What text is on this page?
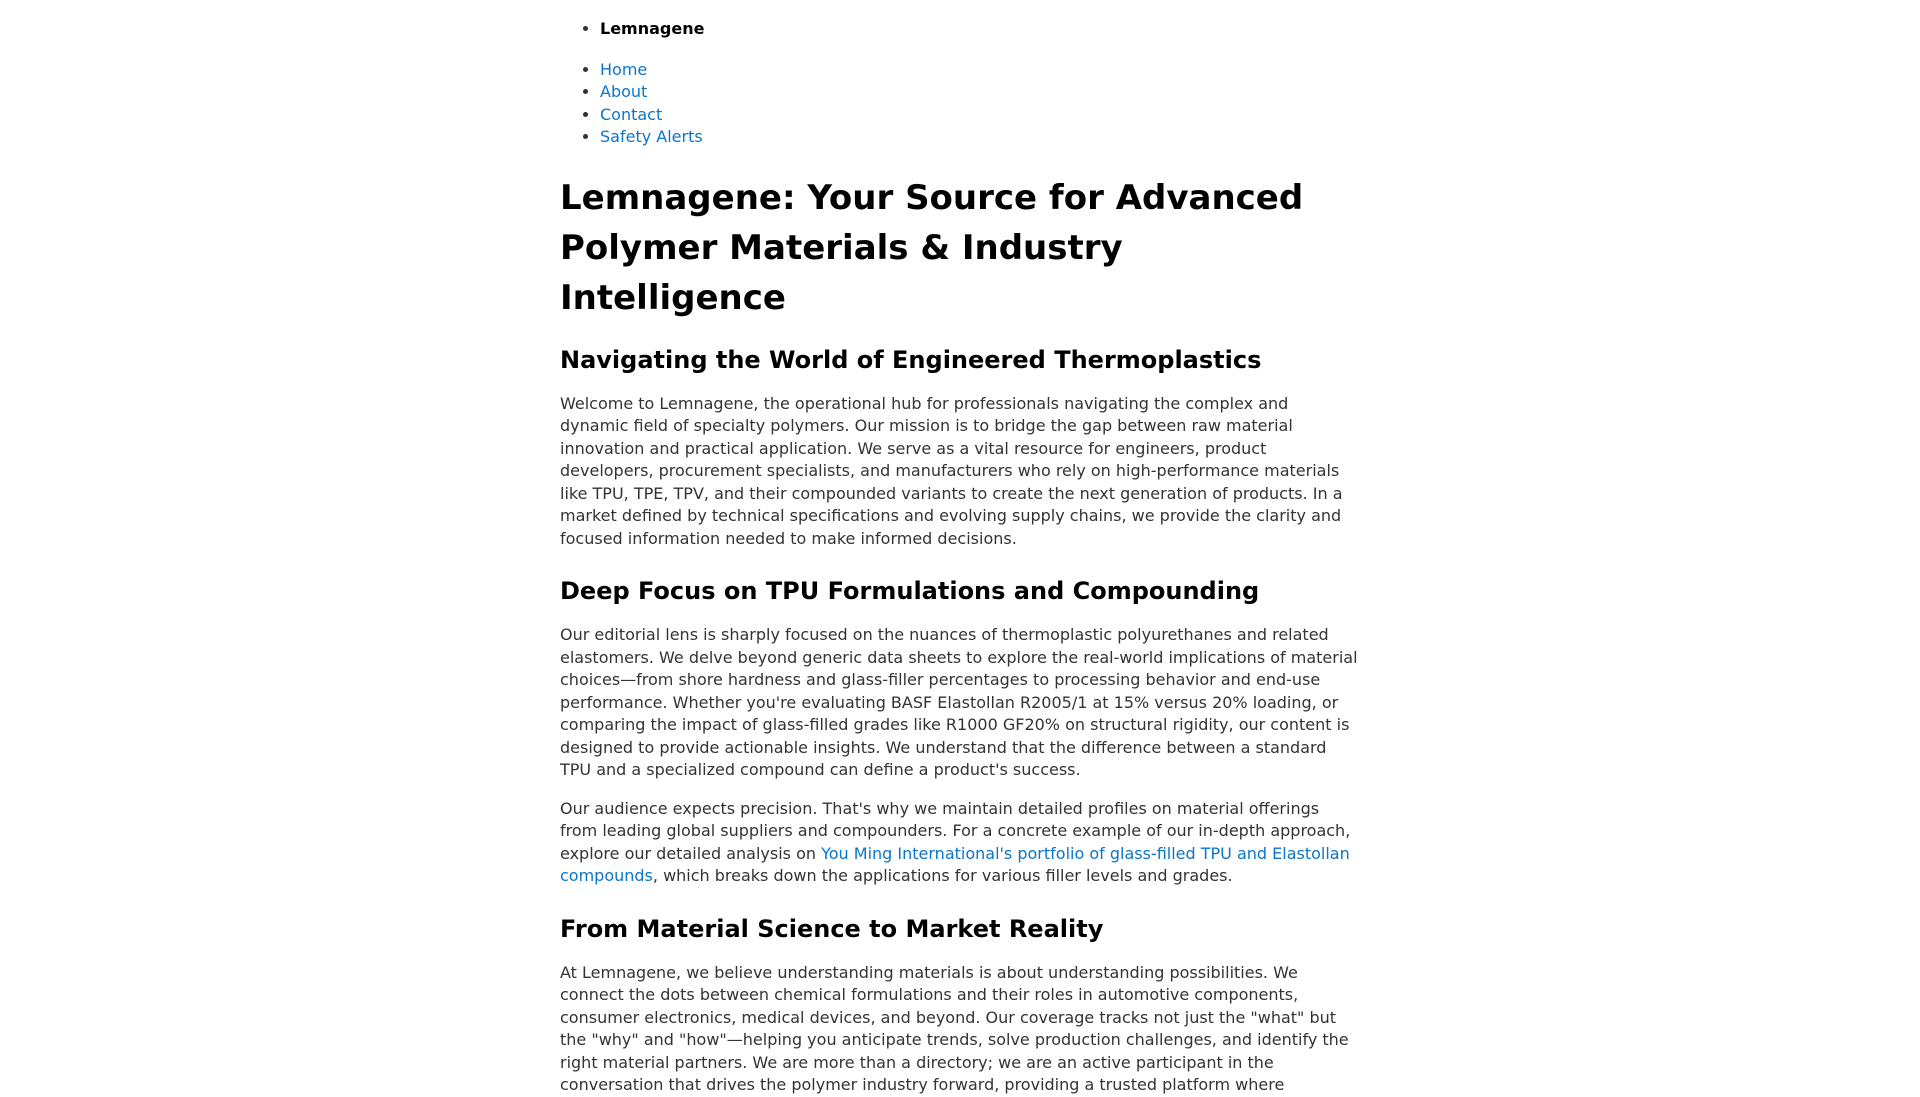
• Lemnagene
• Home
• About
• Contact
• Safety Alerts
Lemnagene: Your Source for Advanced Polymer Materials & Industry Intelligence
Navigating the World of Engineered Thermoplastics

Welcome to Lemnagene, the operational hub for professionals navigating the complex and dynamic field of specialty polymers. Our mission is to bridge the gap between raw material innovation and practical application. We serve as a vital resource for engineers, product developers, procurement specialists, and manufacturers who rely on high-performance materials like TPU, TPE, TPV, and their compounded variants to create the next generation of products. In a market defined by technical specifications and evolving supply chains, we provide the clarity and focused information needed to make informed decisions.

Deep Focus on TPU Formulations and Compounding

Our editorial lens is sharply focused on the nuances of thermoplastic polyurethanes and related elastomers. We delve beyond generic data sheets to explore the real-world implications of material choices—from shore hardness and glass-filler percentages to processing behavior and end-use performance. Whether you're evaluating BASF Elastollan R2005/1 at 15% versus 20% loading, or comparing the impact of glass-filled grades like R1000 GF20% on structural rigidity, our content is designed to provide actionable insights. We understand that the difference between a standard TPU and a specialized compound can define a product's success.

Our audience expects precision. That's why we maintain detailed profiles on material offerings from leading global suppliers and compounders. For a concrete example of our in-depth approach, explore our detailed analysis on You Ming International's portfolio of glass-filled TPU and Elastollan compounds, which breaks down the applications for various filler levels and grades.

From Material Science to Market Reality

At Lemnagene, we believe understanding materials is about understanding possibilities. We connect the dots between chemical formulations and their roles in automotive components, consumer electronics, medical devices, and beyond. Our coverage tracks not just the "what" but the "why" and "how"—helping you anticipate trends, solve production challenges, and identify the right material partners. We are more than a directory; we are an active participant in the conversation that drives the polymer industry forward, providing a trusted platform where
